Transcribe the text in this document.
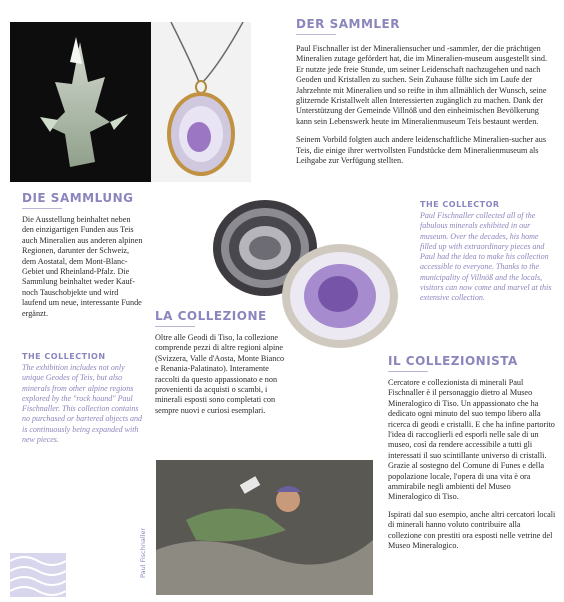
DER SAMMLER
Paul Fischnaller ist der Mineraliensucher und -sammler, der die prächtigen Mineralien zutage gefördert hat, die im Mineralien-museum ausgestellt sind. Er nutzte jede freie Stunde, um seiner Leidenschaft nachzugehen und nach Geoden und Kristallen zu suchen. Sein Zuhause füllte sich im Laufe der Jahrzehnte mit Mineralien und so reifte in ihm allmählich der Wunsch, seine glitzernde Kristallwelt allen Interessierten zugänglich zu machen. Dank der Unterstützung der Gemeinde Villnöß und den einheimischen Bevölkerung kann sein Lebenswerk heute im Mineralienmuseum Teis bestaunt werden.
Seinem Vorbild folgten auch andere leidenschaftliche Mineralien-sucher aus Teis, die einige ihrer wertvollsten Fundstücke dem Mineralienmuseum als Leihgabe zur Verfügung stellten.
DIE SAMMLUNG
Die Ausstellung beinhaltet neben den einzigartigen Funden aus Teis auch Mineralien aus anderen alpinen Regionen, darunter der Schweiz, dem Aostatal, dem Mont-Blanc-Gebiet und Rheinland-Pfalz. Die Sammlung beinhaltet weder Kauf- noch Tauschobjekte und wird laufend um neue, interessante Funde ergänzt.
THE COLLECTOR
Paul Fischnaller collected all of the fabulous minerals exhibited in our museum. Over the decades, his home filled up with extraordinary pieces and Paul had the idea to make his collection accessible to everyone. Thanks to the municipality of Villnöß and the locals, visitors can now come and marvel at this extensive collection.
LA COLLEZIONE
Oltre alle Geodi di Tiso, la collezione comprende pezzi di altre regioni alpine (Svizzera, Valle d'Aosta, Monte Bianco e Renania-Palatinato). Interamente raccolti da questo appassionato e non provenienti da acquisti o scambi, i minerali esposti sono completati con sempre nuovi e curiosi esemplari.
THE COLLECTION
The exhibition includes not only unique Geodes of Teis, but also minerals from other alpine regions explored by the "rock hound" Paul Fischnaller. This collection contains no purchased or bartered objects and is continuously being expanded with new pieces.
IL COLLEZIONISTA
Cercatore e collezionista di minerali Paul Fischnaller è il personaggio dietro al Museo Mineralogico di Tiso. Un appassionato che ha dedicato ogni minuto del suo tempo libero alla ricerca di geodi e cristalli. E che ha infine partorito l'idea di raccoglierli ed esporli nelle sale di un museo, così da rendere accessibile a tutti gli interessati il suo scintillante universo di cristalli. Grazie al sostegno del Comune di Funes e della popolazione locale, l'opera di una vita è ora ammirabile negli ambienti del Museo Mineralogico di Tiso.
Ispirati dal suo esempio, anche altri cercatori locali di minerali hanno voluto contribuire alla collezione con prestiti ora esposti nelle vetrine del Museo Mineralogico.
Paul Fischnaller
